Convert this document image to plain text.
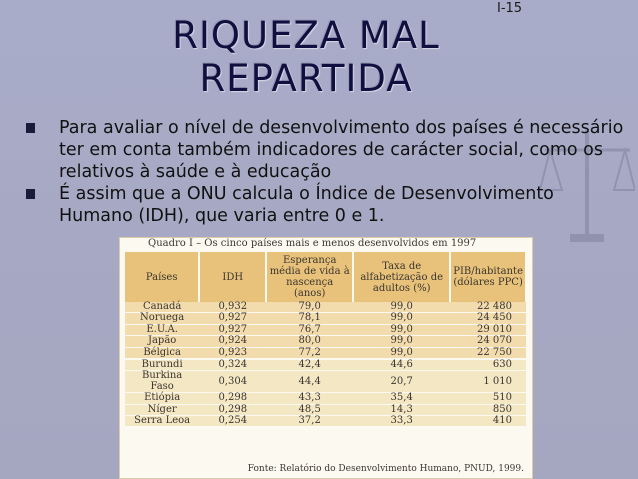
I-15
RIQUEZA MAL
REPARTIDA
Para avaliar o nível de desenvolvimento dos países é necessário ter em conta também indicadores de carácter social, como os relativos à saúde e à educação
É assim que a ONU calcula o Índice de Desenvolvimento Humano (IDH), que varia entre 0 e 1.
Quadro I – Os cinco países mais e menos desenvolvidos em 1997
Países	IDH	Esperança média de vida à nascença (anos)	Taxa de alfabetização de adultos (%)	PIB/habitante (dólares PPC)
Canadá	0,932	79,0	99,0	22 480
Noruega	0,927	78,1	99,0	24 450
E.U.A.	0,927	76,7	99,0	29 010
Japão	0,924	80,0	99,0	24 070
Bélgica	0,923	77,2	99,0	22 750
Burundi	0,324	42,4	44,6	630
Burkina Faso	0,304	44,4	20,7	1 010
Etiópia	0,298	43,3	35,4	510
Níger	0,298	48,5	14,3	850
Serra Leoa	0,254	37,2	33,3	410
Fonte: Relatório do Desenvolvimento Humano, PNUD, 1999.
